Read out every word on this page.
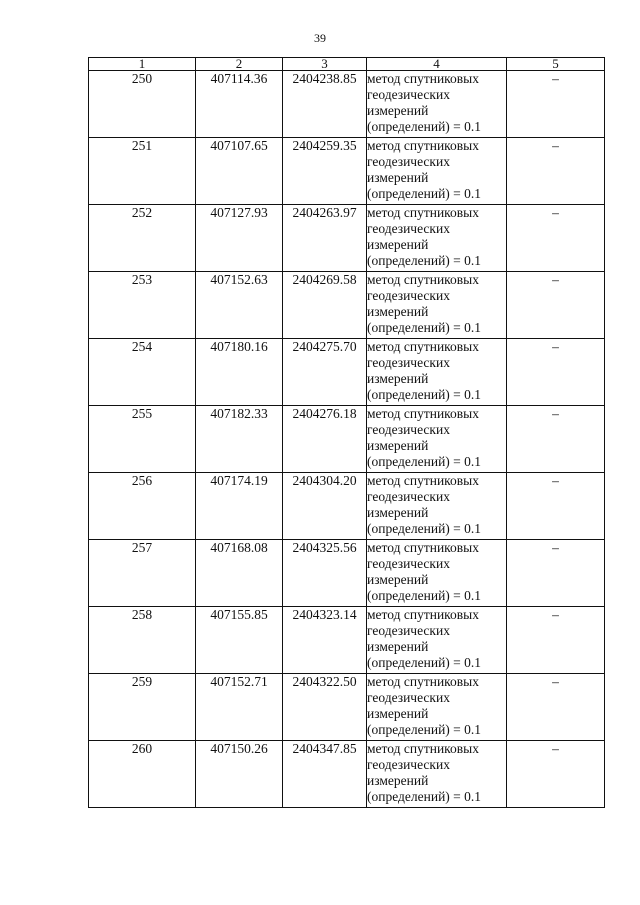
39
1	2	3	4	5
250	407114.36	2404238.85	метод спутниковых
геодезических
измерений
(определений) = 0.1	–
251	407107.65	2404259.35	метод спутниковых
геодезических
измерений
(определений) = 0.1	–
252	407127.93	2404263.97	метод спутниковых
геодезических
измерений
(определений) = 0.1	–
253	407152.63	2404269.58	метод спутниковых
геодезических
измерений
(определений) = 0.1	–
254	407180.16	2404275.70	метод спутниковых
геодезических
измерений
(определений) = 0.1	–
255	407182.33	2404276.18	метод спутниковых
геодезических
измерений
(определений) = 0.1	–
256	407174.19	2404304.20	метод спутниковых
геодезических
измерений
(определений) = 0.1	–
257	407168.08	2404325.56	метод спутниковых
геодезических
измерений
(определений) = 0.1	–
258	407155.85	2404323.14	метод спутниковых
геодезических
измерений
(определений) = 0.1	–
259	407152.71	2404322.50	метод спутниковых
геодезических
измерений
(определений) = 0.1	–
260	407150.26	2404347.85	метод спутниковых
геодезических
измерений
(определений) = 0.1	–
